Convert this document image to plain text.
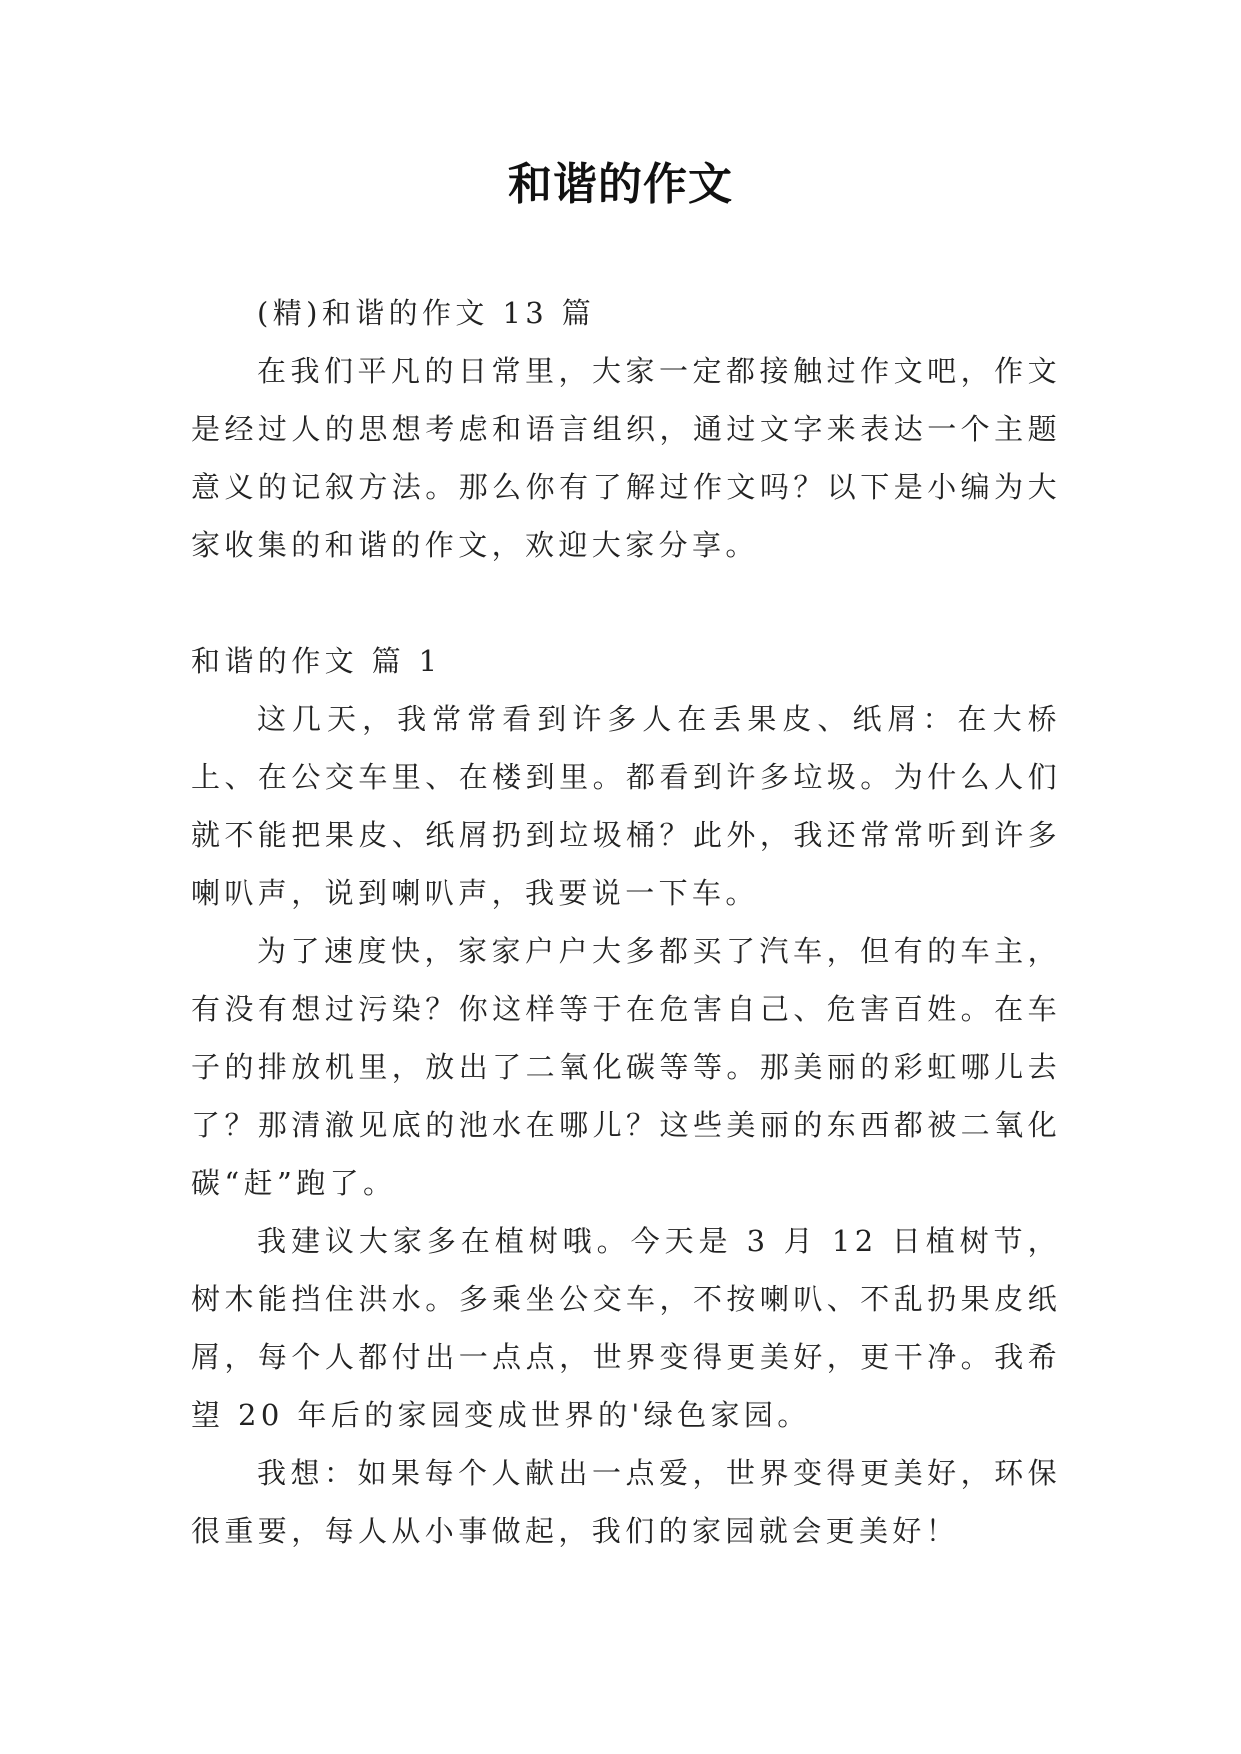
和谐的作文

(精)和谐的作文 13 篇

在我们平凡的日常里，大家一定都接触过作文吧，作文是经过人的思想考虑和语言组织，通过文字来表达一个主题意义的记叙方法。那么你有了解过作文吗？以下是小编为大家收集的和谐的作文，欢迎大家分享。

和谐的作文 篇 1

这几天，我常常看到许多人在丢果皮、纸屑：在大桥上、在公交车里、在楼到里。都看到许多垃圾。为什么人们就不能把果皮、纸屑扔到垃圾桶？此外，我还常常听到许多喇叭声，说到喇叭声，我要说一下车。

为了速度快，家家户户大多都买了汽车，但有的车主，有没有想过污染？你这样等于在危害自己、危害百姓。在车子的排放机里，放出了二氧化碳等等。那美丽的彩虹哪儿去了？那清澈见底的池水在哪儿？这些美丽的东西都被二氧化碳“赶”跑了。

我建议大家多在植树哦。今天是 3 月 12 日植树节，树木能挡住洪水。多乘坐公交车，不按喇叭、不乱扔果皮纸屑，每个人都付出一点点，世界变得更美好，更干净。我希望 20 年后的家园变成世界的'绿色家园。

我想：如果每个人献出一点爱，世界变得更美好，环保很重要，每人从小事做起，我们的家园就会更美好！
